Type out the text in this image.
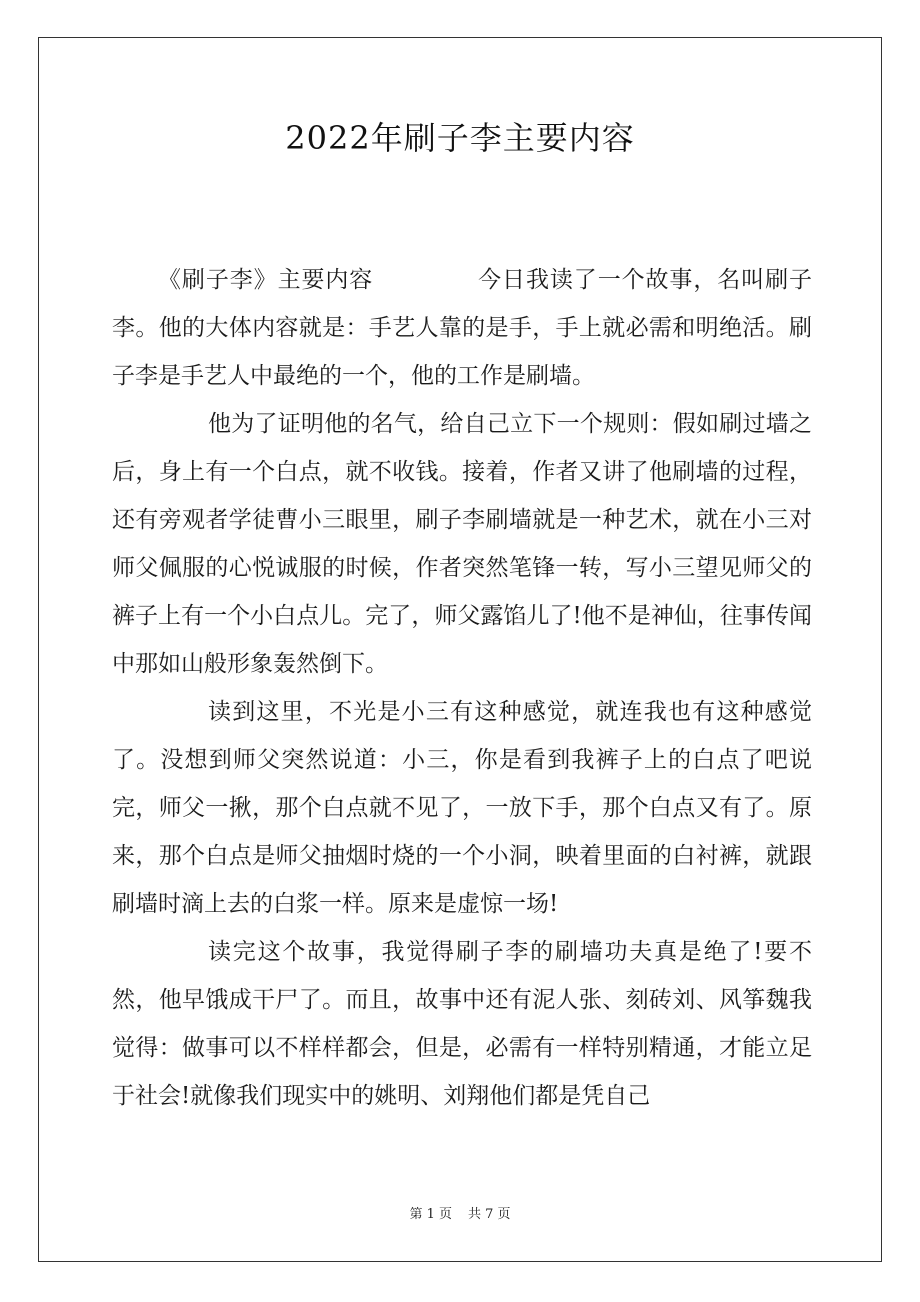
2022年刷子李主要内容

《刷子李》主要内容	今日我读了一个故事，名叫刷子李。他的大体内容就是：手艺人靠的是手，手上就必需和明绝活。刷子李是手艺人中最绝的一个，他的工作是刷墙。

他为了证明他的名气，给自己立下一个规则：假如刷过墙之后，身上有一个白点，就不收钱。接着，作者又讲了他刷墙的过程，还有旁观者学徒曹小三眼里，刷子李刷墙就是一种艺术，就在小三对师父佩服的心悦诚服的时候，作者突然笔锋一转，写小三望见师父的裤子上有一个小白点儿。完了，师父露馅儿了!他不是神仙，往事传闻中那如山般形象轰然倒下。

读到这里，不光是小三有这种感觉，就连我也有这种感觉了。没想到师父突然说道：小三，你是看到我裤子上的白点了吧说完，师父一揪，那个白点就不见了，一放下手，那个白点又有了。原来，那个白点是师父抽烟时烧的一个小洞，映着里面的白衬裤，就跟刷墙时滴上去的白浆一样。原来是虚惊一场!

读完这个故事，我觉得刷子李的刷墙功夫真是绝了!要不然，他早饿成干尸了。而且，故事中还有泥人张、刻砖刘、风筝魏我觉得：做事可以不样样都会，但是，必需有一样特别精通，才能立足于社会!就像我们现实中的姚明、刘翔他们都是凭自己

第 1 页 共 7 页
